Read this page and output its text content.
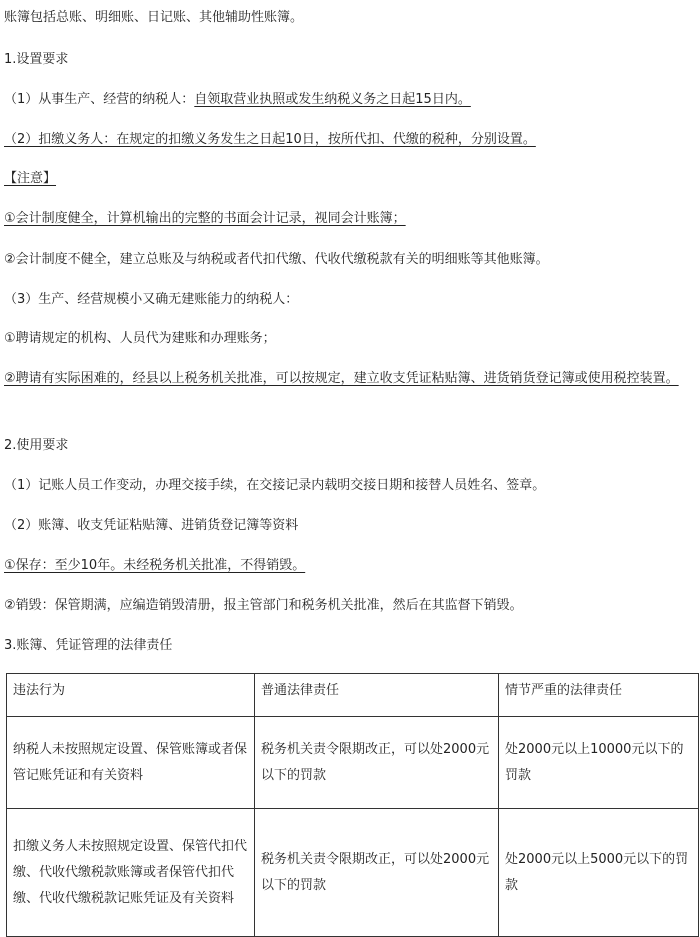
账簿包括总账、明细账、日记账、其他辅助性账簿。
1.设置要求
（1）从事生产、经营的纳税人：自领取营业执照或发生纳税义务之日起15日内。
（2）扣缴义务人：在规定的扣缴义务发生之日起10日，按所代扣、代缴的税种，分别设置。
【注意】
①会计制度健全，计算机输出的完整的书面会计记录，视同会计账簿；
②会计制度不健全，建立总账及与纳税或者代扣代缴、代收代缴税款有关的明细账等其他账簿。
（3）生产、经营规模小又确无建账能力的纳税人：
①聘请规定的机构、人员代为建账和办理账务；
②聘请有实际困难的，经县以上税务机关批准，可以按规定，建立收支凭证粘贴簿、进货销货登记簿或使用税控装置。
2.使用要求
（1）记账人员工作变动，办理交接手续，在交接记录内载明交接日期和接替人员姓名、签章。
（2）账簿、收支凭证粘贴簿、进销货登记簿等资料
①保存：至少10年。未经税务机关批准，不得销毁。
②销毁：保管期满，应编造销毁清册，报主管部门和税务机关批准，然后在其监督下销毁。
3.账簿、凭证管理的法律责任
违法行为	普通法律责任	情节严重的法律责任
纳税人未按照规定设置、保管账簿或者保管记账凭证和有关资料	税务机关责令限期改正，可以处2000元以下的罚款	处2000元以上10000元以下的罚款
扣缴义务人未按照规定设置、保管代扣代缴、代收代缴税款账簿或者保管代扣代缴、代收代缴税款记账凭证及有关资料	税务机关责令限期改正，可以处2000元以下的罚款	处2000元以上5000元以下的罚款
